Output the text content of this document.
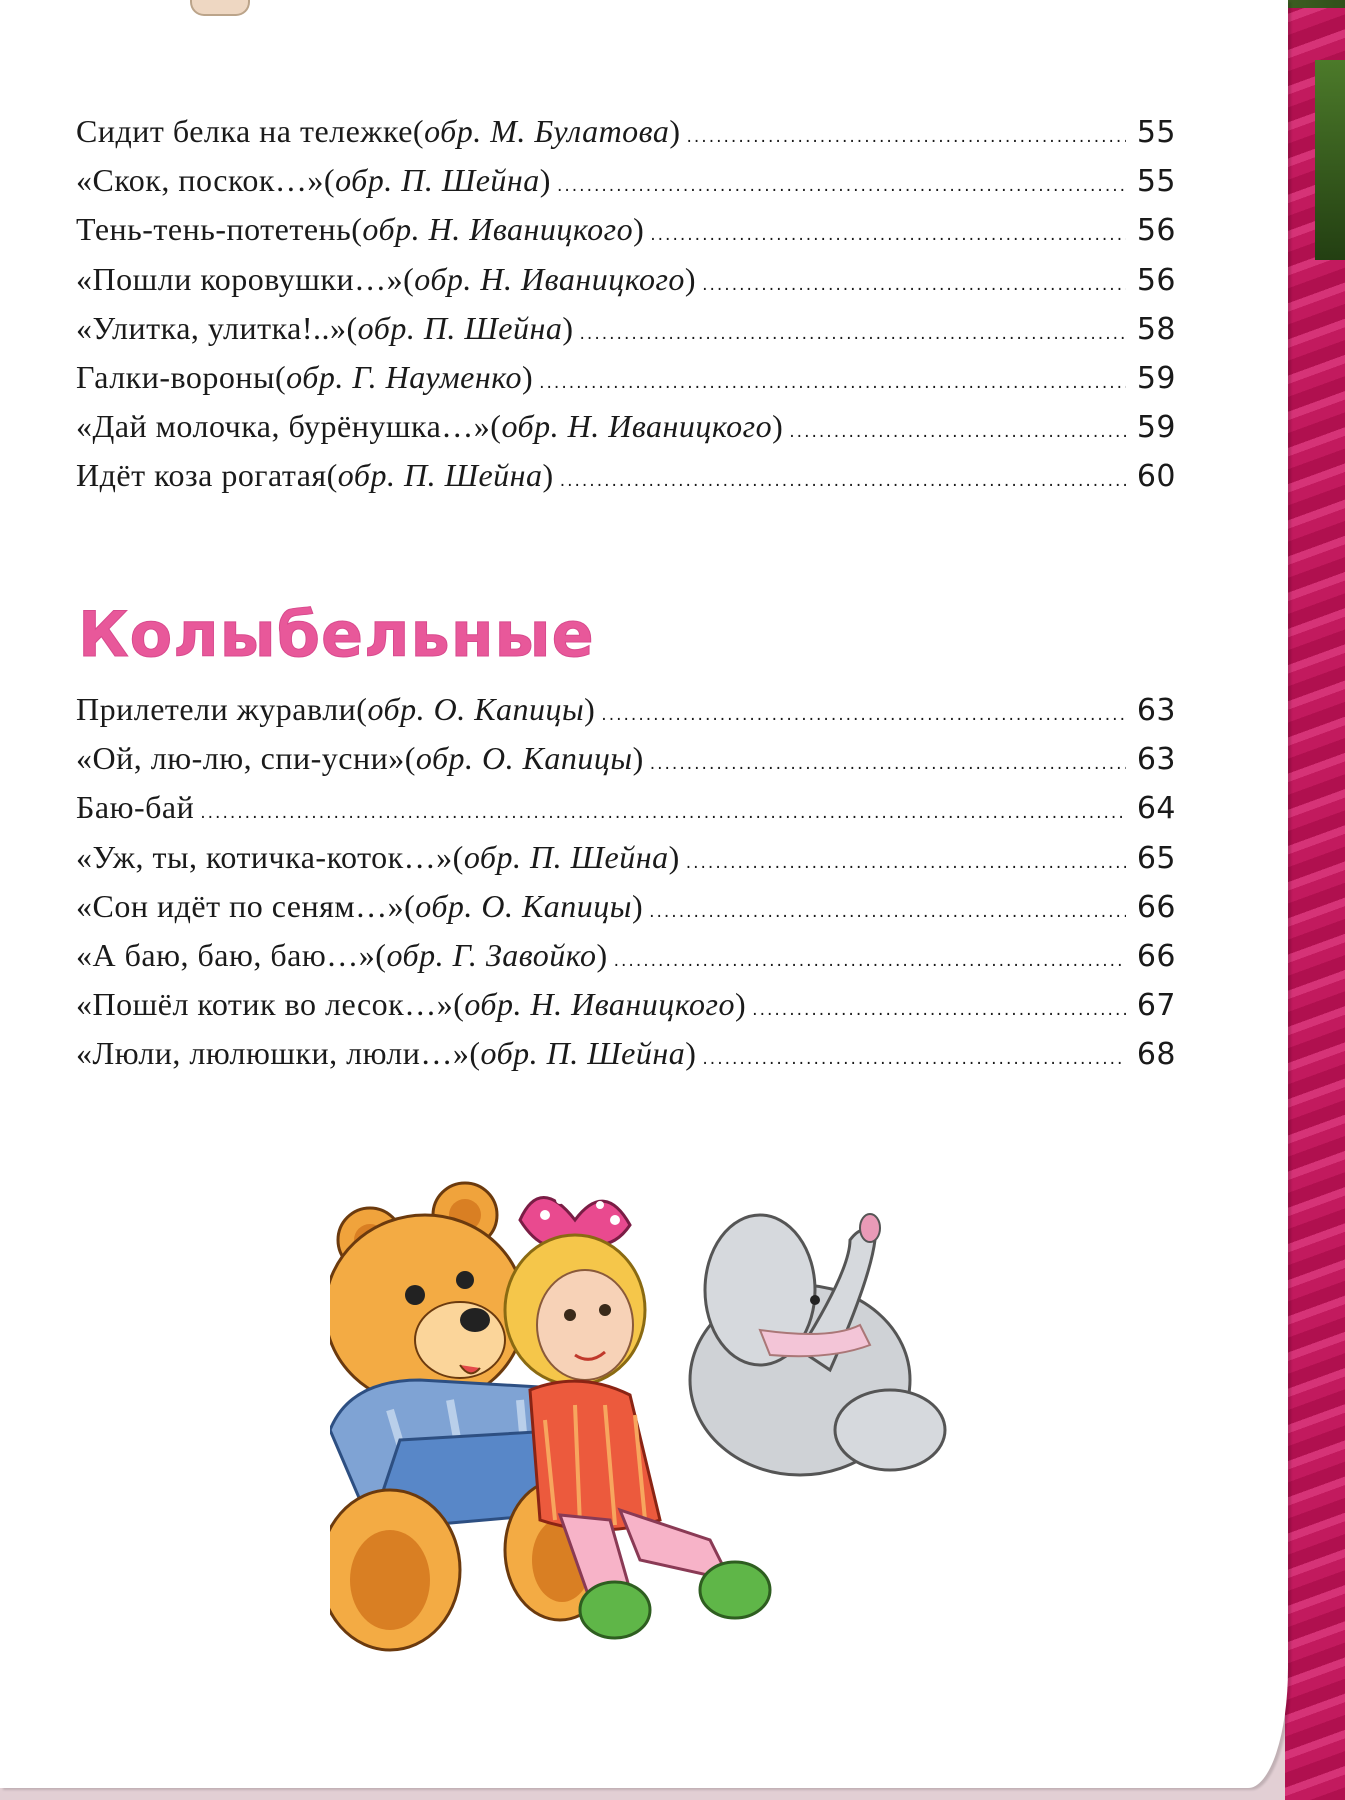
Сидит белка на тележке (обр. М. Булатова) .....	55
«Скок, поскок…» (обр. П. Шейна) .....	55
Тень-тень-потетень (обр. Н. Иваницкого) .....	56
«Пошли коровушки…» (обр. Н. Иваницкого) .....	56
«Улитка, улитка!..» (обр. П. Шейна) .....	58
Галки-вороны (обр. Г. Науменко) .....	59
«Дай молочка, бурёнушка…» (обр. Н. Иваницкого) .....	59
Идёт коза рогатая (обр. П. Шейна) .....	60
Колыбельные
Прилетели журавли (обр. О. Капицы) .....	63
«Ой, лю-лю, спи-усни» (обр. О. Капицы) .....	63
Баю-бай .....	64
«Уж, ты, котичка-коток…» (обр. П. Шейна) .....	65
«Сон идёт по сеням…» (обр. О. Капицы) .....	66
«А баю, баю, баю…» (обр. Г. Завойко) .....	66
«Пошёл котик во лесок…» (обр. Н. Иваницкого) .....	67
«Люли, люлюшки, люли…» (обр. П. Шейна) .....	68
